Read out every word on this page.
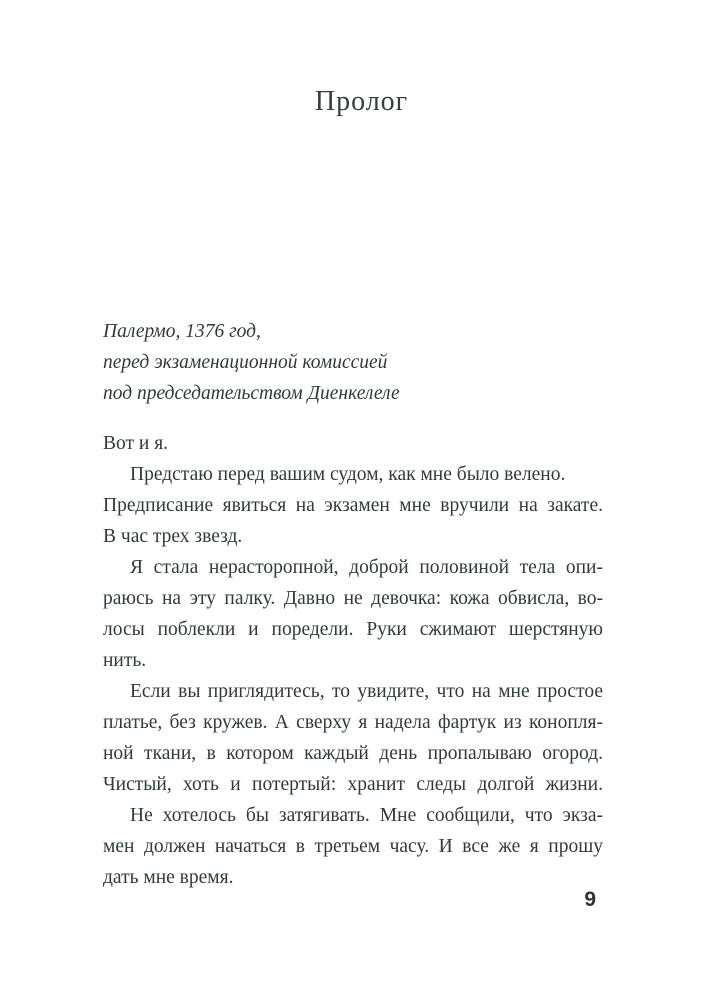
Пролог
Палермо, 1376 год,
перед экзаменационной комиссией
под председательством Диенкелеле
Вот и я.
Предстаю перед вашим судом, как мне было велено.
Предписание явиться на экзамен мне вручили на закате.
В час трех звезд.
Я стала нерасторопной, доброй половиной тела опи-
раюсь на эту палку. Давно не девочка: кожа обвисла, во-
лосы поблекли и поредели. Руки сжимают шерстяную
нить.
Если вы приглядитесь, то увидите, что на мне простое
платье, без кружев. А сверху я надела фартук из конопля-
ной ткани, в котором каждый день пропалываю огород.
Чистый, хоть и потертый: хранит следы долгой жизни.
Не хотелось бы затягивать. Мне сообщили, что экза-
мен должен начаться в третьем часу. И все же я прошу
дать мне время.
9
